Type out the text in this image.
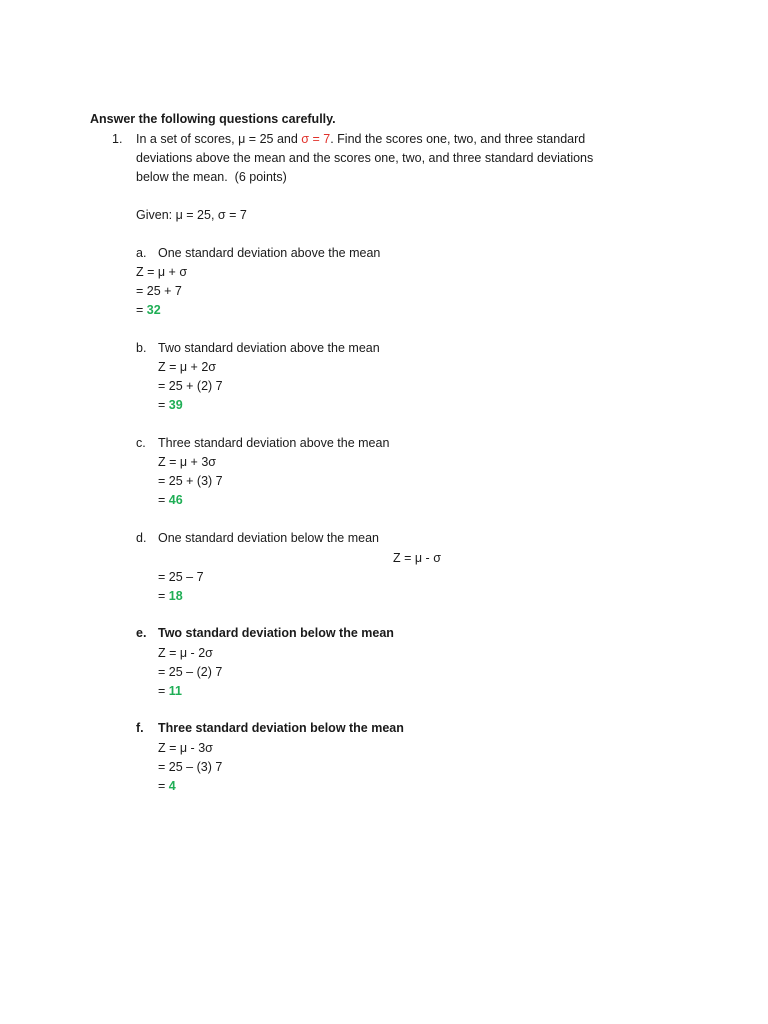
Answer the following questions carefully.
1. In a set of scores, μ = 25 and σ = 7. Find the scores one, two, and three standard
deviations above the mean and the scores one, two, and three standard deviations
below the mean.  (6 points)
Given: μ = 25, σ = 7
a. One standard deviation above the mean
Z = μ + σ
= 25 + 7
= 32
b. Two standard deviation above the mean
Z = μ + 2σ
= 25 + (2) 7
= 39
c. Three standard deviation above the mean
Z = μ + 3σ
= 25 + (3) 7
= 46
d. One standard deviation below the mean
Z = μ - σ
= 25 – 7
= 18
e. Two standard deviation below the mean
Z = μ - 2σ
= 25 – (2) 7
= 11
f. Three standard deviation below the mean
Z = μ - 3σ
= 25 – (3) 7
= 4
